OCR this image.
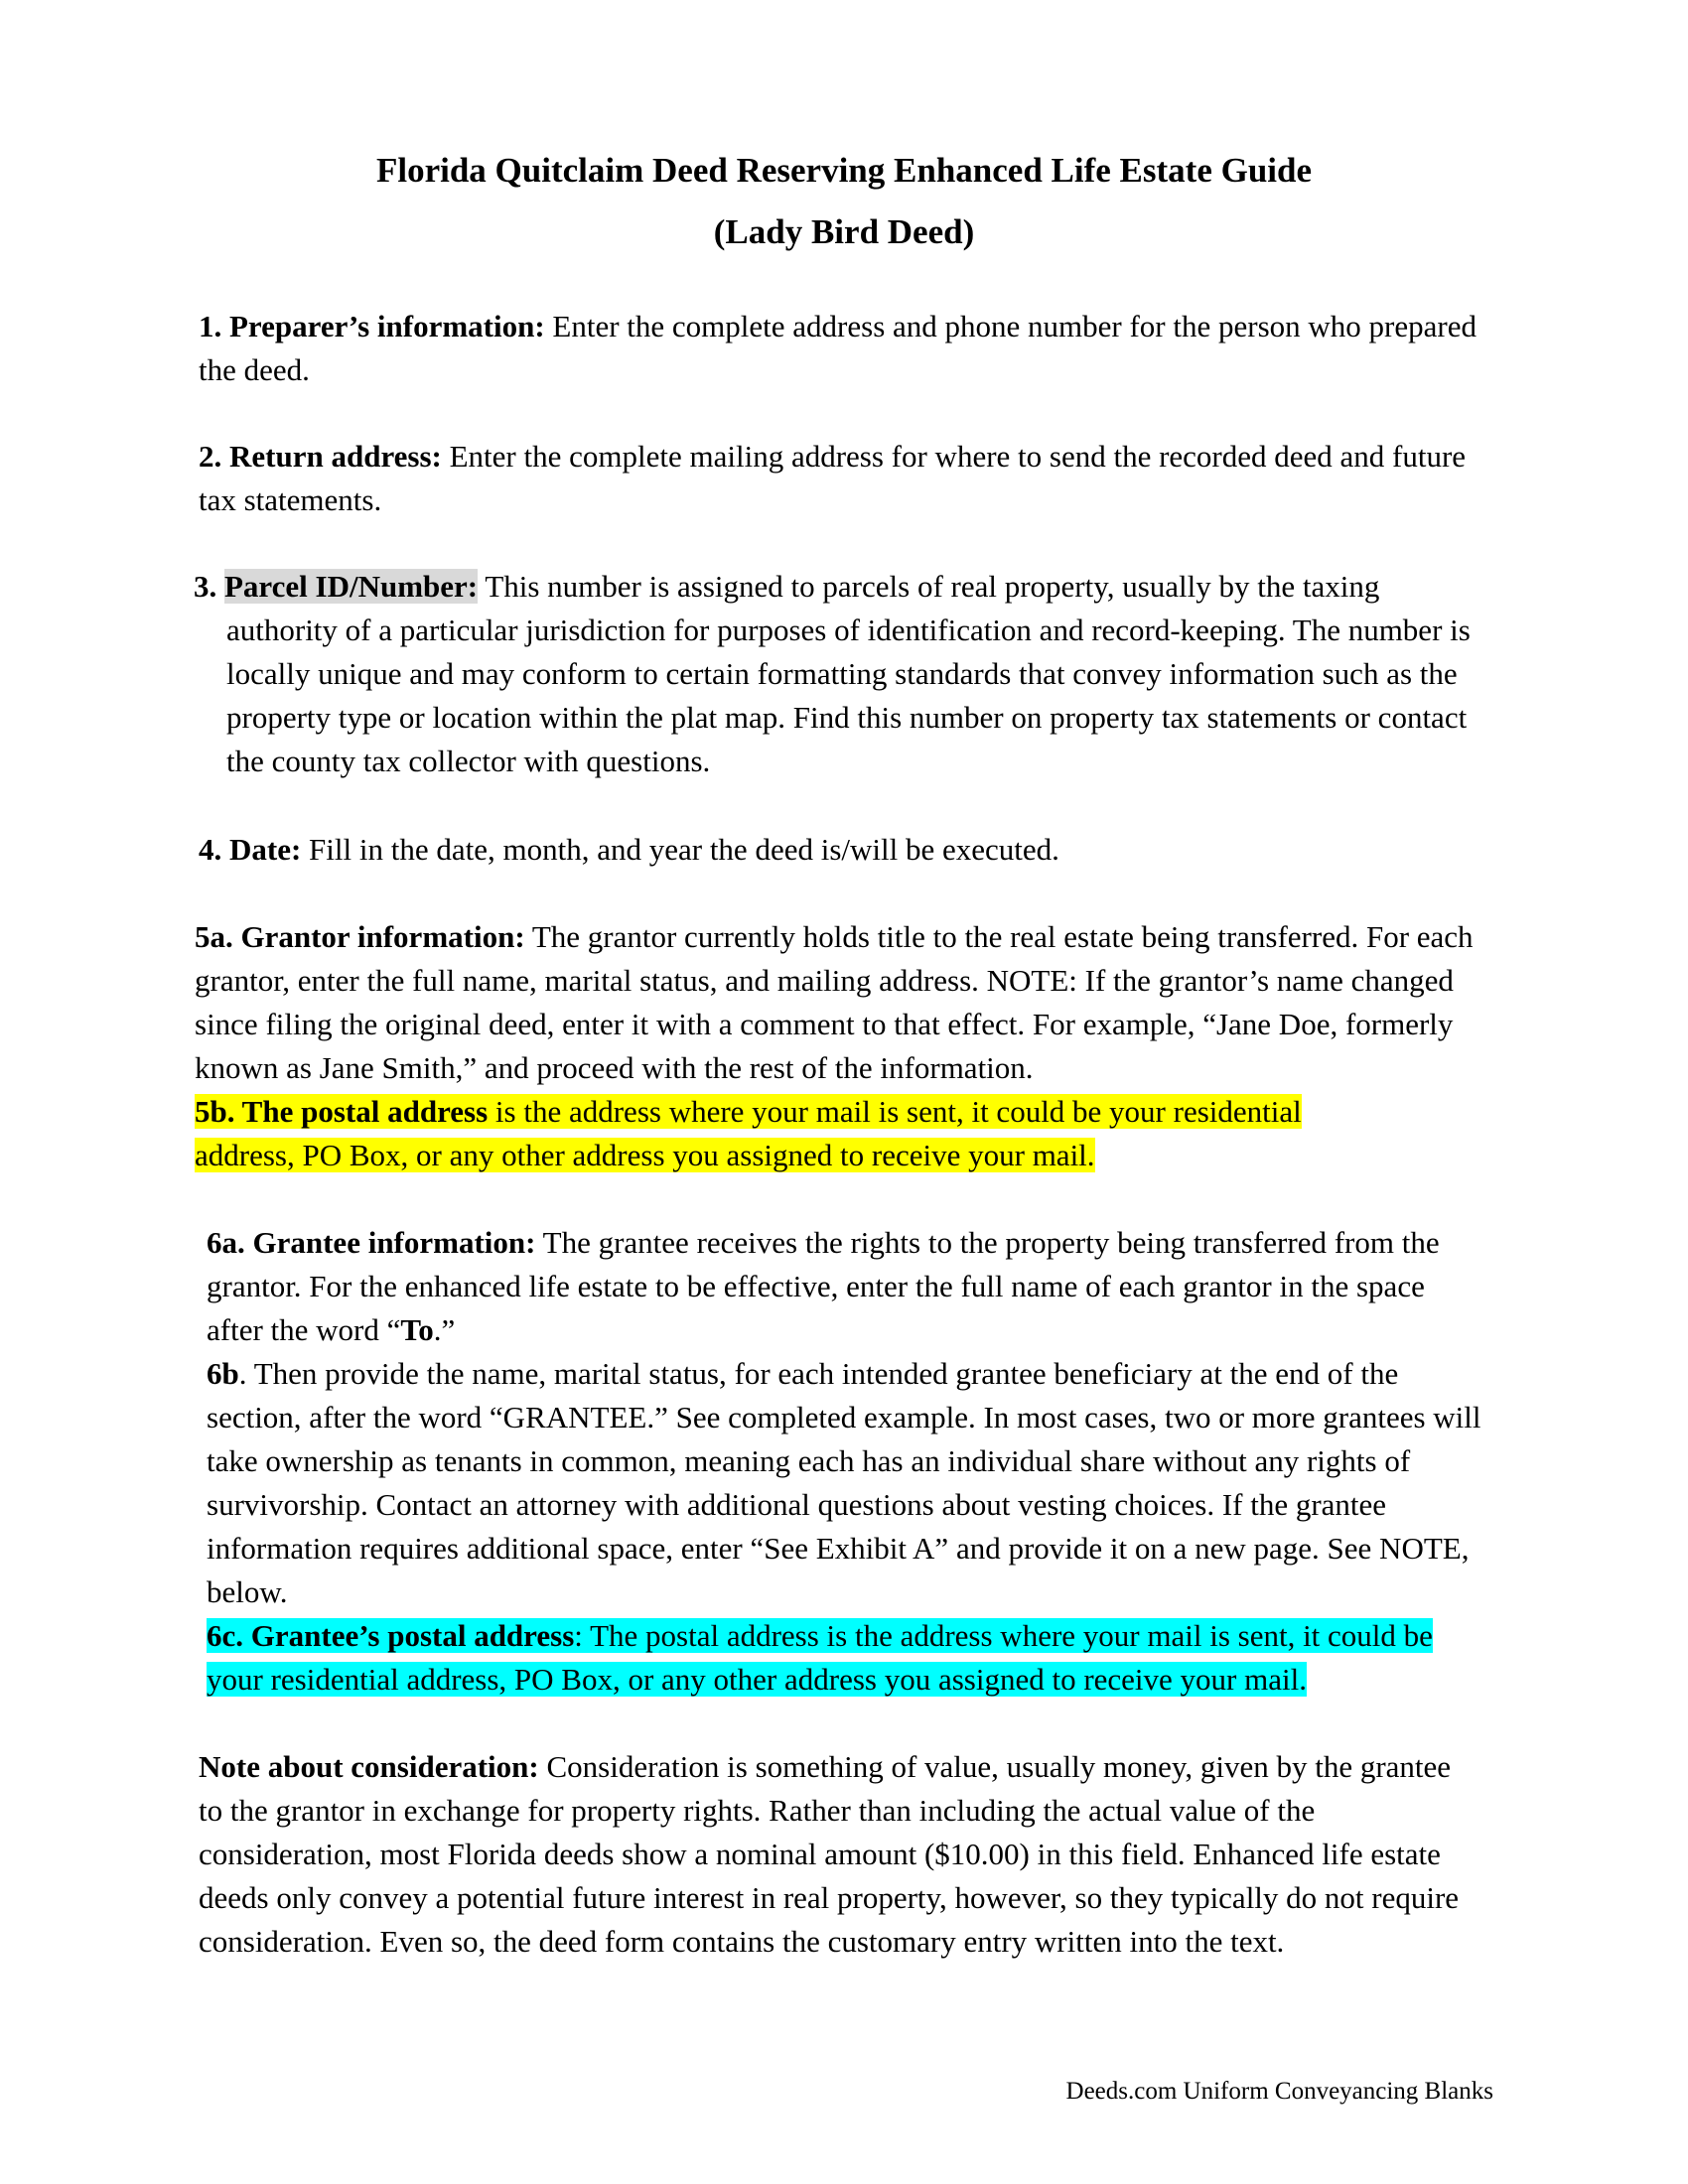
Florida Quitclaim Deed Reserving Enhanced Life Estate Guide
(Lady Bird Deed)
1. Preparer’s information: Enter the complete address and phone number for the person who prepared the deed.
2. Return address: Enter the complete mailing address for where to send the recorded deed and future tax statements.
3. Parcel ID/Number: This number is assigned to parcels of real property, usually by the taxing authority of a particular jurisdiction for purposes of identification and record-keeping. The number is locally unique and may conform to certain formatting standards that convey information such as the property type or location within the plat map. Find this number on property tax statements or contact the county tax collector with questions.
4. Date: Fill in the date, month, and year the deed is/will be executed.
5a. Grantor information: The grantor currently holds title to the real estate being transferred. For each grantor, enter the full name, marital status, and mailing address. NOTE: If the grantor’s name changed since filing the original deed, enter it with a comment to that effect. For example, “Jane Doe, formerly known as Jane Smith,” and proceed with the rest of the information.
5b. The postal address is the address where your mail is sent, it could be your residential address, PO Box, or any other address you assigned to receive your mail.
6a. Grantee information: The grantee receives the rights to the property being transferred from the grantor. For the enhanced life estate to be effective, enter the full name of each grantor in the space after the word “To.”
6b. Then provide the name, marital status, for each intended grantee beneficiary at the end of the section, after the word “GRANTEE.” See completed example. In most cases, two or more grantees will take ownership as tenants in common, meaning each has an individual share without any rights of survivorship. Contact an attorney with additional questions about vesting choices. If the grantee information requires additional space, enter “See Exhibit A” and provide it on a new page. See NOTE, below.
6c. Grantee’s postal address: The postal address is the address where your mail is sent, it could be your residential address, PO Box, or any other address you assigned to receive your mail.
Note about consideration: Consideration is something of value, usually money, given by the grantee to the grantor in exchange for property rights. Rather than including the actual value of the consideration, most Florida deeds show a nominal amount ($10.00) in this field. Enhanced life estate deeds only convey a potential future interest in real property, however, so they typically do not require consideration. Even so, the deed form contains the customary entry written into the text.
Deeds.com Uniform Conveyancing Blanks
